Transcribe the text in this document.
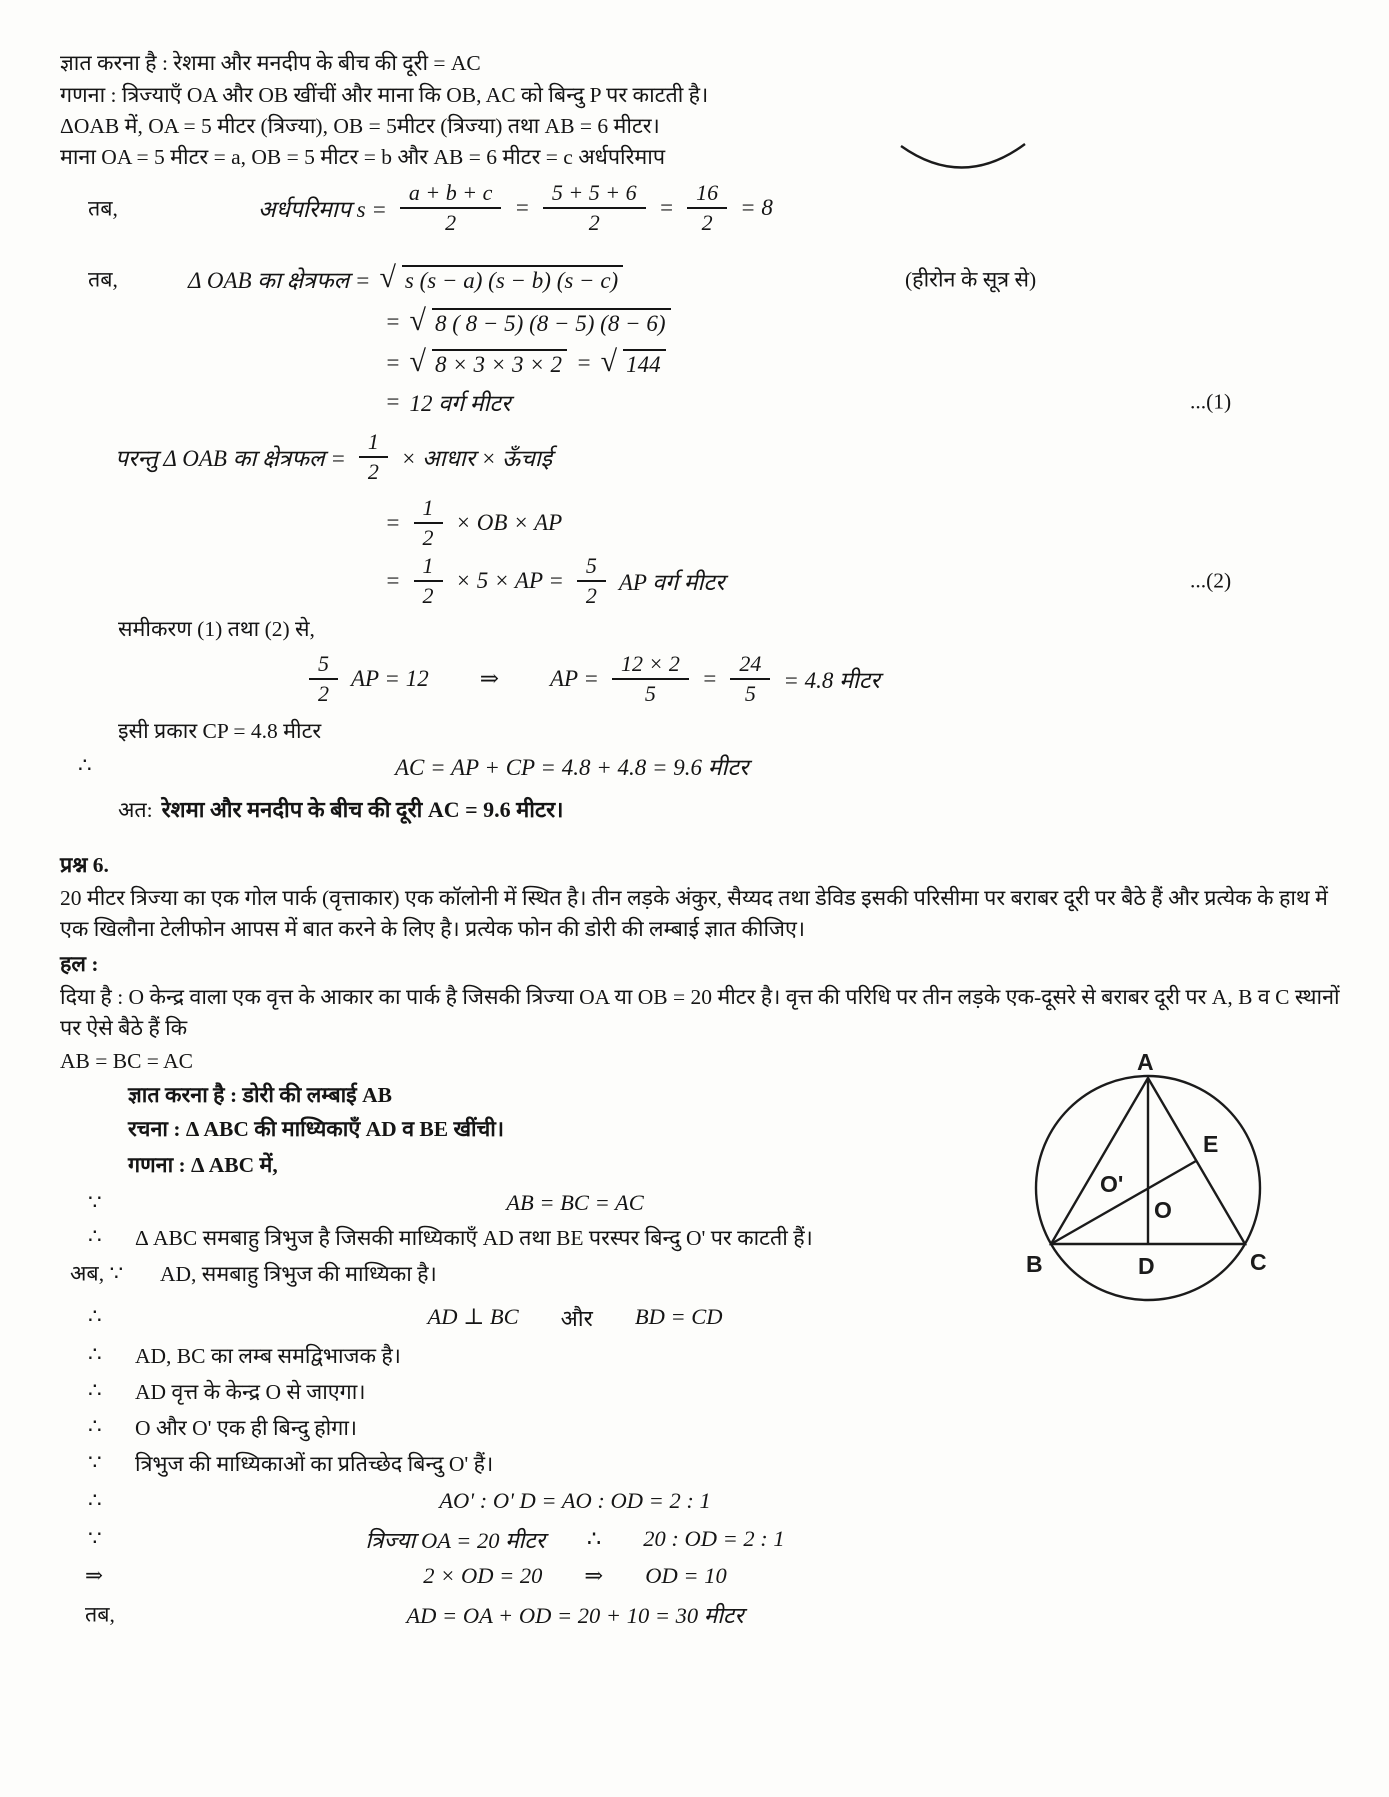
ज्ञात करना है : रेशमा और मनदीप के बीच की दूरी = AC
गणना : त्रिज्याएँ OA और OB खींचीं और माना कि OB, AC को बिन्दु P पर काटती है।
ΔOAB में, OA = 5 मीटर (त्रिज्या), OB = 5मीटर (त्रिज्या) तथा AB = 6 मीटर।
माना OA = 5 मीटर = a, OB = 5 मीटर = b और AB = 6 मीटर = c अर्धपरिमाप
तब,	अर्धपरिमाप $s = \frac{a + b + c}{2} = \frac{5 + 5 + 6}{2} = \frac{16}{2} = 8$
तब,	Δ OAB का क्षेत्रफल = √ s (s − a) (s − b) (s − c)	(हीरोन के सूत्र से)
= √ 8 ( 8 − 5) (8 − 5) (8 − 6)
= √ 8 × 3 × 3 × 2 = √ 144
= 12 वर्ग मीटर	...(1)
परन्तु Δ OAB का क्षेत्रफल = $\frac{1}{2}$ × आधार × ऊँचाई
= $\frac{1}{2}$ × OB × AP
= $\frac{1}{2} \times 5$ × AP = $\frac{5}{2}$ AP वर्ग मीटर	...(2)
समीकरण (1) तथा (2) से,
$\frac{5}{2}$ AP = 12 ⇒ AP = $\frac{12 \times 2}{5} = \frac{24}{5} = 4.8$ मीटर
इसी प्रकार CP = 4.8 मीटर
∴	AC = AP + CP = 4.8 + 4.8 = 9.6 मीटर
अत: रेशमा और मनदीप के बीच की दूरी AC = 9.6 मीटर।
प्रश्न 6.
20 मीटर त्रिज्या का एक गोल पार्क (वृत्ताकार) एक कॉलोनी में स्थित है। तीन लड़के अंकुर, सैय्यद तथा डेविड इसकी परिसीमा पर बराबर दूरी पर बैठे हैं और प्रत्येक के हाथ में एक खिलौना टेलीफोन आपस में बात करने के लिए है। प्रत्येक फोन की डोरी की लम्बाई ज्ञात कीजिए।
हल :
दिया है : O केन्द्र वाला एक वृत्त के आकार का पार्क है जिसकी त्रिज्या OA या OB = 20 मीटर है। वृत्त की परिधि पर तीन लड़के एक-दूसरे से बराबर दूरी पर A, B व C स्थानों पर ऐसे बैठे हैं कि
AB = BC = AC	A
B	C
D
E
O'
O
ज्ञात करना है : डोरी की लम्बाई AB
रचना : Δ ABC की माध्यिकाएँ AD व BE खींची।
गणना : Δ ABC में,
∵	AB = BC = AC
∴ Δ ABC समबाहु त्रिभुज है जिसकी माध्यिकाएँ AD तथा BE परस्पर बिन्दु O' पर काटती हैं।
अब, ∵ AD, समबाहु त्रिभुज की माध्यिका है।
∴	AD ⊥ BC और BD = CD
∴ AD, BC का लम्ब समद्विभाजक है।
∴ AD वृत्त के केन्द्र O से जाएगा।
∴ O और O' एक ही बिन्दु होगा।
∵ त्रिभुज की माध्यिकाओं का प्रतिच्छेद बिन्दु O' हैं।
∴	AO' : O' D = AO : OD = 2 : 1
∵	त्रिज्या OA = 20 मीटर ∴ 20 : OD = 2 : 1
⇒	2 × OD = 20 ⇒ OD = 10
तब,	AD = OA + OD = 20 + 10 = 30 मीटर
